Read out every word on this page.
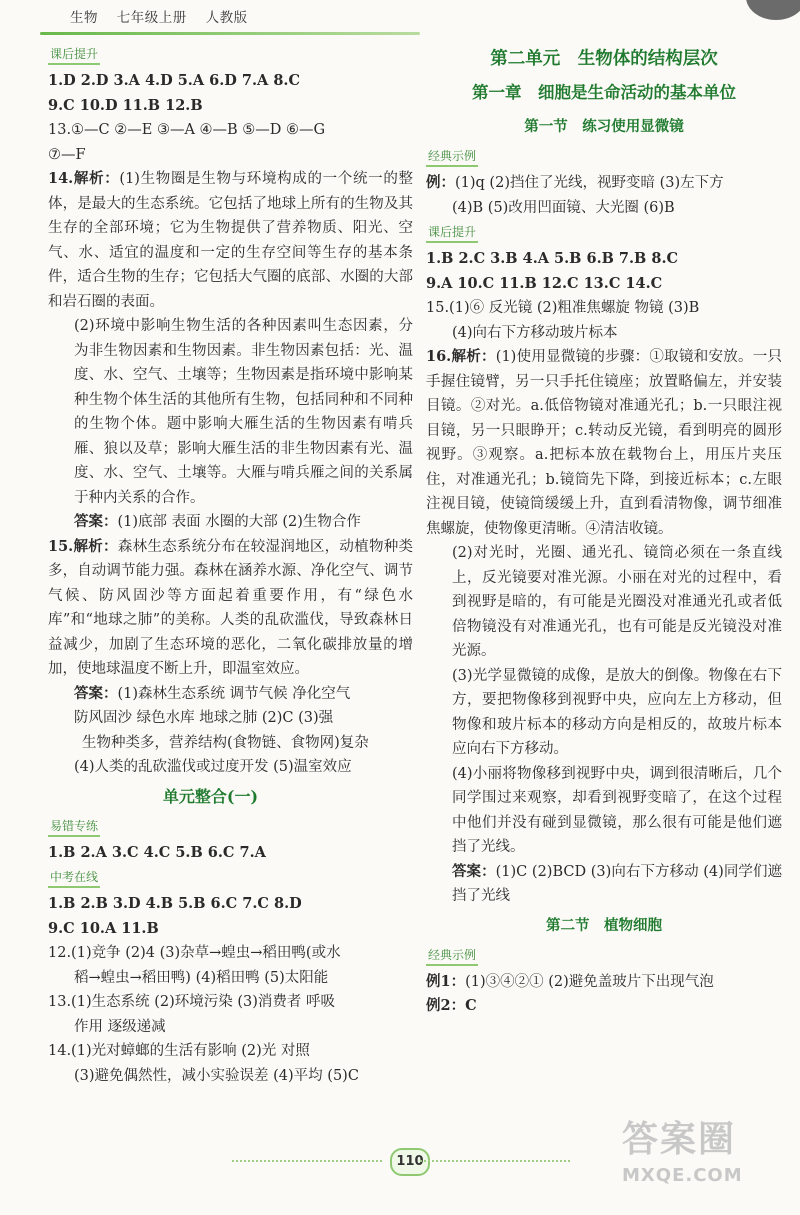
生物 七年级上册 人教版
课后提升
1.D 2.D 3.A 4.D 5.A 6.D 7.A 8.C
9.C 10.D 11.B 12.B
13.①—C ②—E ③—A ④—B ⑤—D ⑥—G
⑦—F
14.解析：(1)生物圈是生物与环境构成的一个统一的整体，是最大的生态系统。它包括了地球上所有的生物及其生存的全部环境；它为生物提供了营养物质、阳光、空气、水、适宜的温度和一定的生存空间等生存的基本条件，适合生物的生存；它包括大气圈的底部、水圈的大部和岩石圈的表面。
(2)环境中影响生物生活的各种因素叫生态因素，分为非生物因素和生物因素。非生物因素包括：光、温度、水、空气、土壤等；生物因素是指环境中影响某种生物个体生活的其他所有生物，包括同种和不同种的生物个体。题中影响大雁生活的生物因素有啃兵雁、狼以及草；影响大雁生活的非生物因素有光、温度、水、空气、土壤等。大雁与啃兵雁之间的关系属于种内关系的合作。
答案：(1)底部 表面 水圈的大部 (2)生物合作
15.解析：森林生态系统分布在较湿润地区，动植物种类多，自动调节能力强。森林在涵养水源、净化空气、调节气候、防风固沙等方面起着重要作用，有“绿色水库”和“地球之肺”的美称。人类的乱砍滥伐，导致森林日益减少，加剧了生态环境的恶化，二氧化碳排放量的增加，使地球温度不断上升，即温室效应。
答案：(1)森林生态系统 调节气候 净化空气
防风固沙 绿色水库 地球之肺 (2)C (3)强
生物种类多，营养结构(食物链、食物网)复杂
(4)人类的乱砍滥伐或过度开发 (5)温室效应
单元整合(一)
易错专练
1.B 2.A 3.C 4.C 5.B 6.C 7.A
中考在线
1.B 2.B 3.D 4.B 5.B 6.C 7.C 8.D
9.C 10.A 11.B
12.(1)竞争 (2)4 (3)杂草→蝗虫→稻田鸭(或水
稻→蝗虫→稻田鸭) (4)稻田鸭 (5)太阳能
13.(1)生态系统 (2)环境污染 (3)消费者 呼吸
作用 逐级递减
14.(1)光对蟑螂的生活有影响 (2)光 对照
(3)避免偶然性，减小实验误差 (4)平均 (5)C
第二单元　生物体的结构层次
第一章　细胞是生命活动的基本单位
第一节　练习使用显微镜
经典示例
例：(1)q (2)挡住了光线，视野变暗 (3)左下方
(4)B (5)改用凹面镜、大光圈 (6)B
课后提升
1.B 2.C 3.B 4.A 5.B 6.B 7.B 8.C
9.A 10.C 11.B 12.C 13.C 14.C
15.(1)⑥ 反光镜 (2)粗准焦螺旋 物镜 (3)B
(4)向右下方移动玻片标本
16.解析：(1)使用显微镜的步骤：①取镜和安放。一只手握住镜臂，另一只手托住镜座；放置略偏左，并安装目镜。②对光。a.低倍物镜对准通光孔；b.一只眼注视目镜，另一只眼睁开；c.转动反光镜，看到明亮的圆形视野。③观察。a.把标本放在载物台上，用压片夹压住，对准通光孔；b.镜筒先下降，到接近标本；c.左眼注视目镜，使镜筒缓缓上升，直到看清物像，调节细准焦螺旋，使物像更清晰。④清洁收镜。
(2)对光时，光圈、通光孔、镜筒必须在一条直线上，反光镜要对准光源。小丽在对光的过程中，看到视野是暗的，有可能是光圈没对准通光孔或者低倍物镜没有对准通光孔，也有可能是反光镜没对准光源。
(3)光学显微镜的成像，是放大的倒像。物像在右下方，要把物像移到视野中央，应向左上方移动，但物像和玻片标本的移动方向是相反的，故玻片标本应向右下方移动。
(4)小丽将物像移到视野中央，调到很清晰后，几个同学围过来观察，却看到视野变暗了，在这个过程中他们并没有碰到显微镜，那么很有可能是他们遮挡了光线。
答案：(1)C (2)BCD (3)向右下方移动 (4)同学们遮挡了光线
第二节　植物细胞
经典示例
例1：(1)③④②① (2)避免盖玻片下出现气泡
例2：C
110
答案圈
MXQE.COM
